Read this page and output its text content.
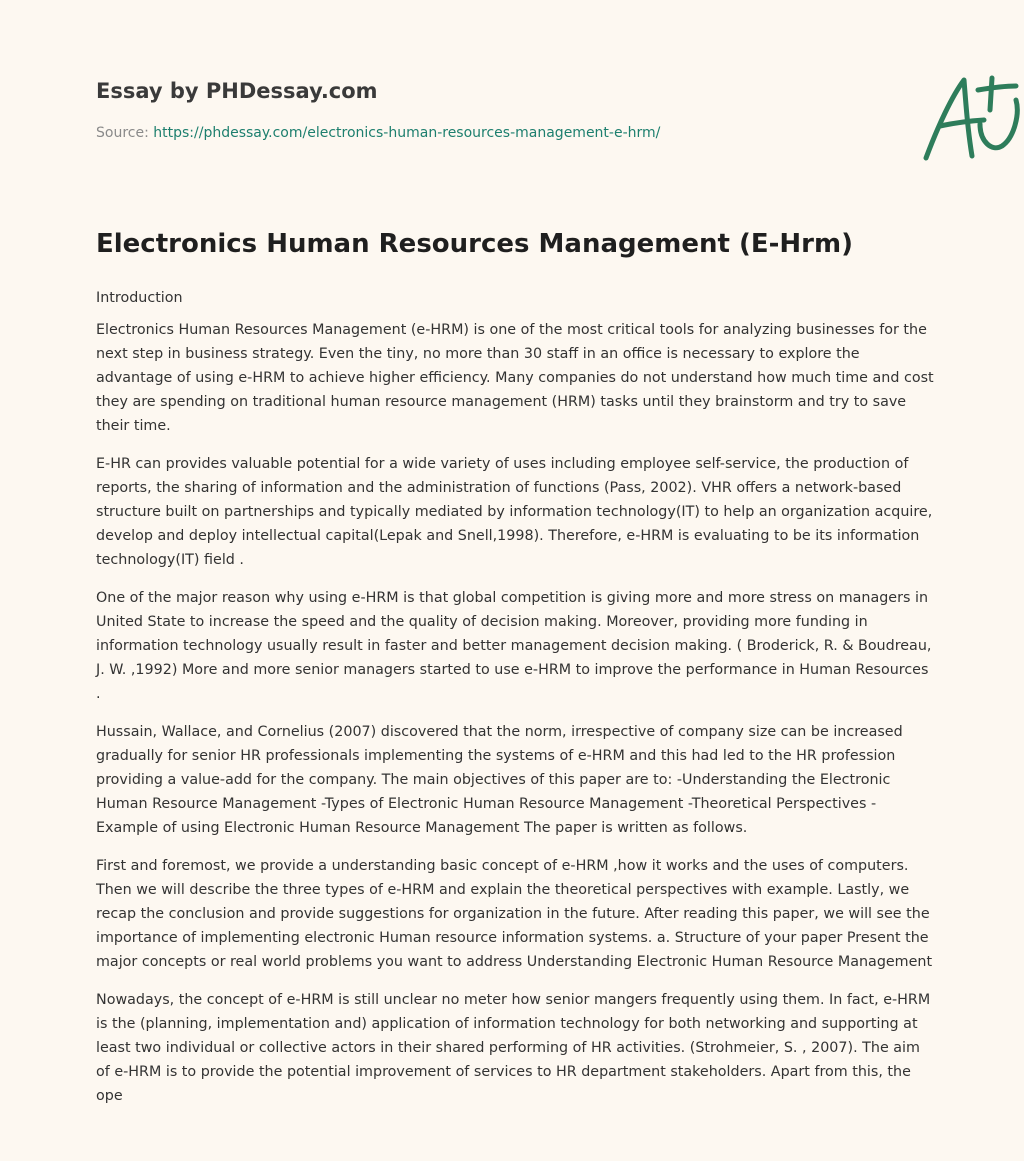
Essay by PHDessay.com
Source: https://phdessay.com/electronics-human-resources-management-e-hrm/
Electronics Human Resources Management (E-Hrm)

Introduction

Electronics Human Resources Management (e-HRM) is one of the most critical tools for analyzing businesses for the next step in business strategy. Even the tiny, no more than 30 staff in an office is necessary to explore the advantage of using e-HRM to achieve higher efficiency. Many companies do not understand how much time and cost they are spending on traditional human resource management (HRM) tasks until they brainstorm and try to save their time.

E-HR can provides valuable potential for a wide variety of uses including employee self-service, the production of reports, the sharing of information and the administration of functions (Pass, 2002). VHR offers a network-based structure built on partnerships and typically mediated by information technology(IT) to help an organization acquire, develop and deploy intellectual capital(Lepak and Snell,1998). Therefore, e-HRM is evaluating to be its information technology(IT) field .

One of the major reason why using e-HRM is that global competition is giving more and more stress on managers in United State to increase the speed and the quality of decision making. Moreover, providing more funding in information technology usually result in faster and better management decision making. ( Broderick, R. & Boudreau, J. W. ,1992) More and more senior managers started to use e-HRM to improve the performance in Human Resources .

Hussain, Wallace, and Cornelius (2007) discovered that the norm, irrespective of company size can be increased gradually for senior HR professionals implementing the systems of e-HRM and this had led to the HR profession providing a value-add for the company. The main objectives of this paper are to: -Understanding the Electronic Human Resource Management -Types of Electronic Human Resource Management -Theoretical Perspectives -Example of using Electronic Human Resource Management The paper is written as follows.

First and foremost, we provide a understanding basic concept of e-HRM ,how it works and the uses of computers. Then we will describe the three types of e-HRM and explain the theoretical perspectives with example. Lastly, we recap the conclusion and provide suggestions for organization in the future. After reading this paper, we will see the importance of implementing electronic Human resource information systems. a. Structure of your paper Present the major concepts or real world problems you want to address Understanding Electronic Human Resource Management

Nowadays, the concept of e-HRM is still unclear no meter how senior mangers frequently using them. In fact, e-HRM is the (planning, implementation and) application of information technology for both networking and supporting at least two individual or collective actors in their shared performing of HR activities. (Strohmeier, S. , 2007). The aim of e-HRM is to provide the potential improvement of services to HR department stakeholders. Apart from this, the ope
